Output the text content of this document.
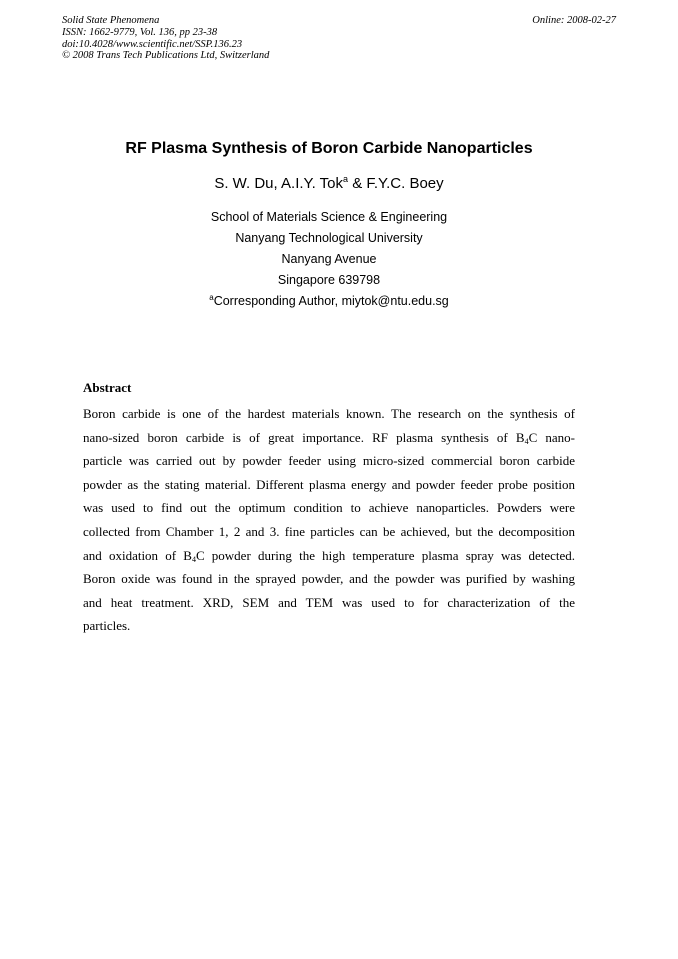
Solid State Phenomena
ISSN: 1662-9779, Vol. 136, pp 23-38
doi:10.4028/www.scientific.net/SSP.136.23
© 2008 Trans Tech Publications Ltd, Switzerland
Online: 2008-02-27
RF Plasma Synthesis of Boron Carbide Nanoparticles
S. W. Du, A.I.Y. Tok$^a$ & F.Y.C. Boey
School of Materials Science & Engineering
Nanyang Technological University
Nanyang Avenue
Singapore 639798
$^a$Corresponding Author, miytok@ntu.edu.sg
Abstract
Boron carbide is one of the hardest materials known. The research on the synthesis of
nano-sized boron carbide is of great importance. RF plasma synthesis of $B_4C$ nano-
particle was carried out by powder feeder using micro-sized commercial boron carbide
powder as the stating material. Different plasma energy and powder feeder probe position
was used to find out the optimum condition to achieve nanoparticles. Powders were
collected from Chamber 1, 2 and 3. fine particles can be achieved, but the decomposition
and oxidation of $B_4C$ powder during the high temperature plasma spray was detected.
Boron oxide was found in the sprayed powder, and the powder was purified by washing
and heat treatment. XRD, SEM and TEM was used to for characterization of the
particles.
